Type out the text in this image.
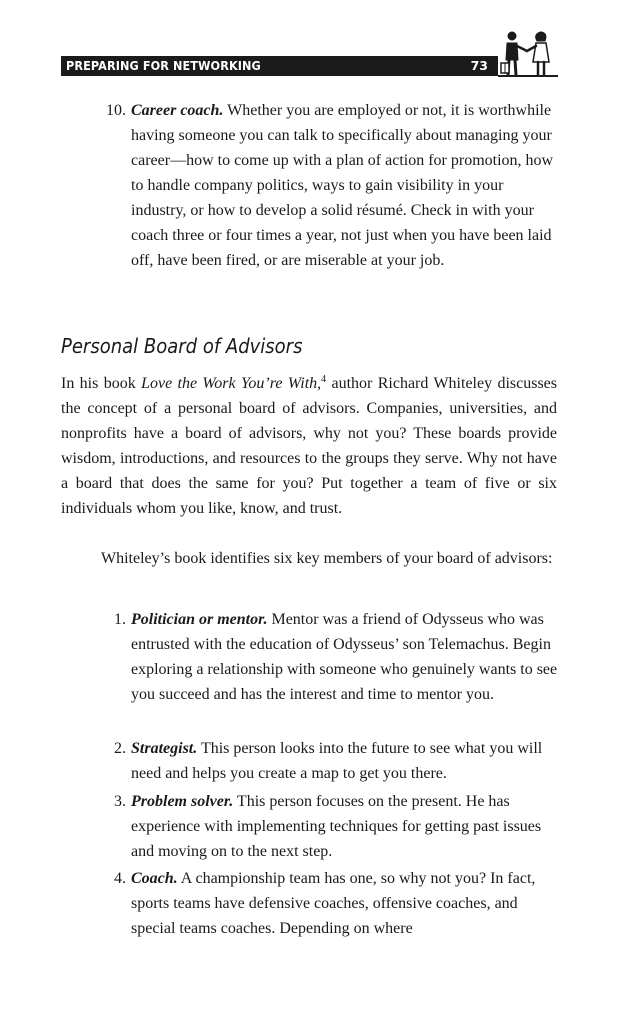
PREPARING FOR NETWORKING	73
10. Career coach. Whether you are employed or not, it is worthwhile having someone you can talk to specifically about managing your career—how to come up with a plan of action for promotion, how to handle company politics, ways to gain visibility in your industry, or how to develop a solid résumé. Check in with your coach three or four times a year, not just when you have been laid off, have been fired, or are miserable at your job.
Personal Board of Advisors
In his book Love the Work You’re With,$^4$ author Richard Whiteley discusses the concept of a personal board of advisors. Companies, universities, and nonprofits have a board of advisors, why not you? These boards provide wisdom, introductions, and resources to the groups they serve. Why not have a board that does the same for you? Put together a team of five or six individuals whom you like, know, and trust.
Whiteley’s book identifies six key members of your board of advisors:
1. Politician or mentor. Mentor was a friend of Odysseus who was entrusted with the education of Odysseus’ son Telemachus. Begin exploring a relationship with someone who genuinely wants to see you succeed and has the interest and time to mentor you.
2. Strategist. This person looks into the future to see what you will need and helps you create a map to get you there.
3. Problem solver. This person focuses on the present. He has experience with implementing techniques for getting past issues and moving on to the next step.
4. Coach. A championship team has one, so why not you? In fact, sports teams have defensive coaches, offensive coaches, and special teams coaches. Depending on where
